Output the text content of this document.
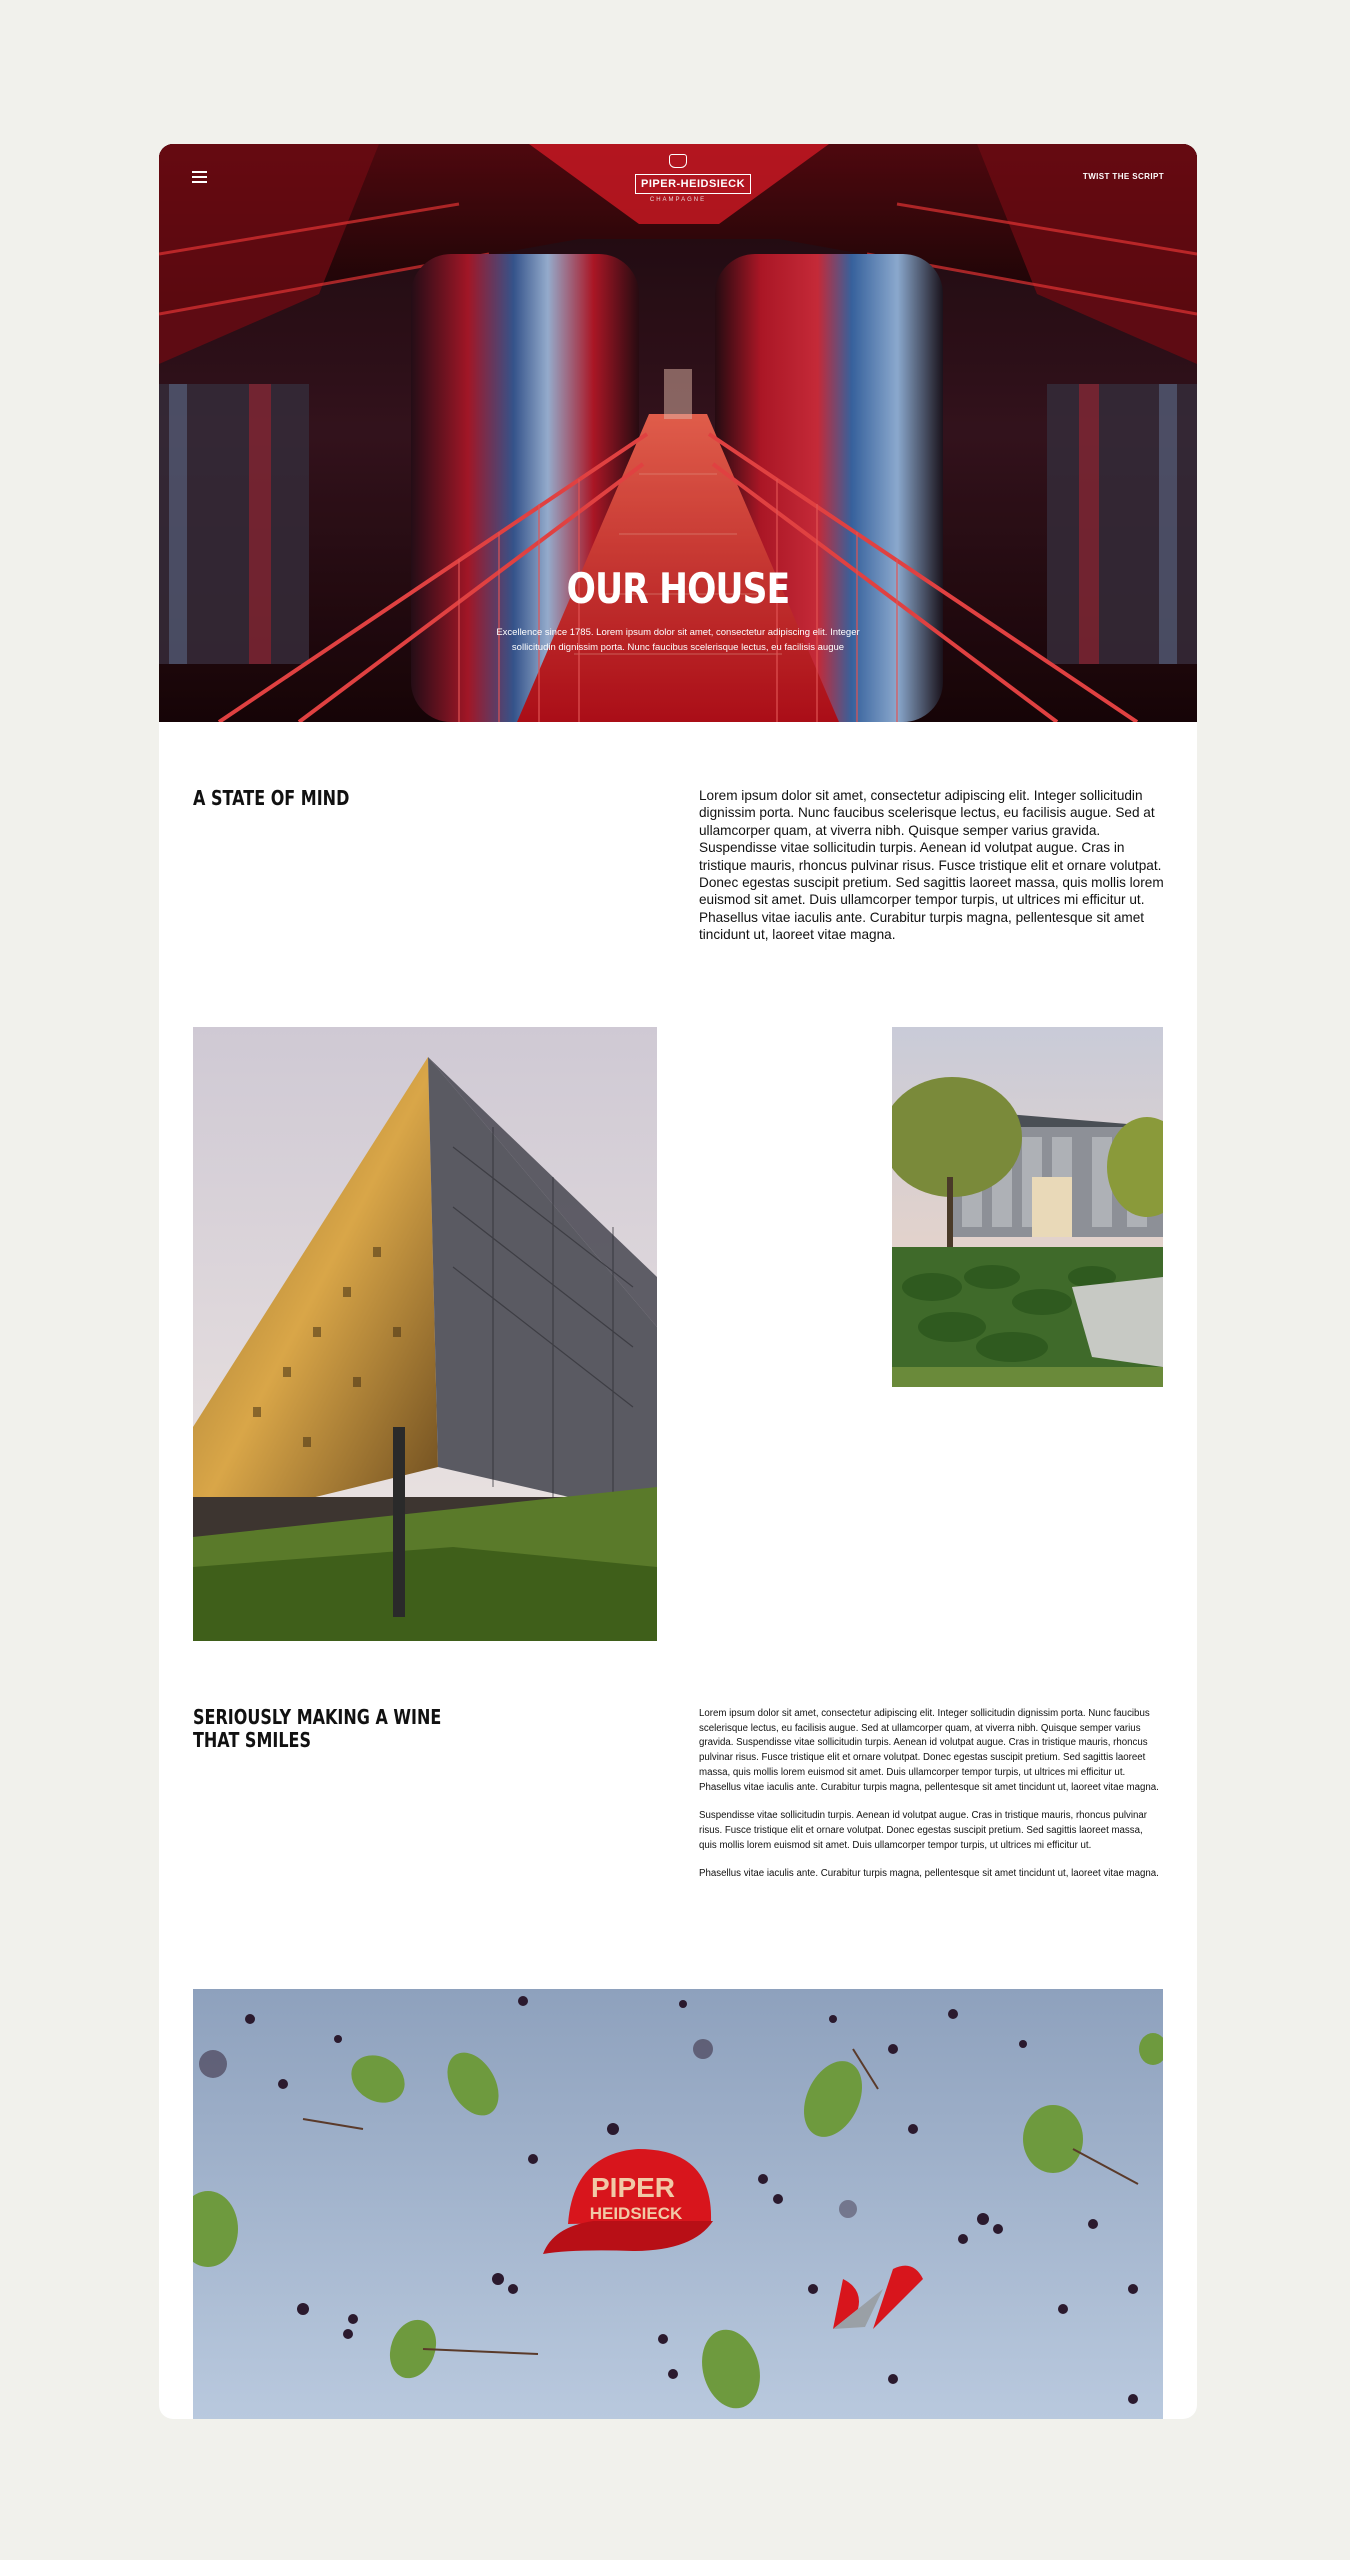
PIPER-HEIDSIECK
CHAMPAGNE
TWIST THE SCRIPT
OUR HOUSE
Excellence since 1785. Lorem ipsum dolor sit amet, consectetur adipiscing elit. Integer sollicitudin dignissim porta. Nunc faucibus scelerisque lectus, eu facilisis augue
A STATE OF MIND	Lorem ipsum dolor sit amet, consectetur adipiscing elit. Integer sollicitudin dignissim porta. Nunc faucibus scelerisque lectus, eu facilisis augue. Sed at ullamcorper quam, at viverra nibh. Quisque semper varius gravida. Suspendisse vitae sollicitudin turpis. Aenean id volutpat augue. Cras in tristique mauris, rhoncus pulvinar risus. Fusce tristique elit et ornare volutpat. Donec egestas suscipit pretium. Sed sagittis laoreet massa, quis mollis lorem euismod sit amet. Duis ullamcorper tempor turpis, ut ultrices mi efficitur ut. Phasellus vitae iaculis ante. Curabitur turpis magna, pellentesque sit amet tincidunt ut, laoreet vitae magna.
SERIOUSLY MAKING A WINE
THAT SMILES

Lorem ipsum dolor sit amet, consectetur adipiscing elit. Integer sollicitudin dignissim porta. Nunc faucibus scelerisque lectus, eu facilisis augue. Sed at ullamcorper quam, at viverra nibh. Quisque semper varius gravida. Suspendisse vitae sollicitudin turpis. Aenean id volutpat augue. Cras in tristique mauris, rhoncus pulvinar risus. Fusce tristique elit et ornare volutpat. Donec egestas suscipit pretium. Sed sagittis laoreet massa, quis mollis lorem euismod sit amet. Duis ullamcorper tempor turpis, ut ultrices mi efficitur ut. Phasellus vitae iaculis ante. Curabitur turpis magna, pellentesque sit amet tincidunt ut, laoreet vitae magna.

Suspendisse vitae sollicitudin turpis. Aenean id volutpat augue. Cras in tristique mauris, rhoncus pulvinar risus. Fusce tristique elit et ornare volutpat. Donec egestas suscipit pretium. Sed sagittis laoreet massa, quis mollis lorem euismod sit amet. Duis ullamcorper tempor turpis, ut ultrices mi efficitur ut.

Phasellus vitae iaculis ante. Curabitur turpis magna, pellentesque sit amet tincidunt ut, laoreet vitae magna.

PIPER
HEIDSIECK
